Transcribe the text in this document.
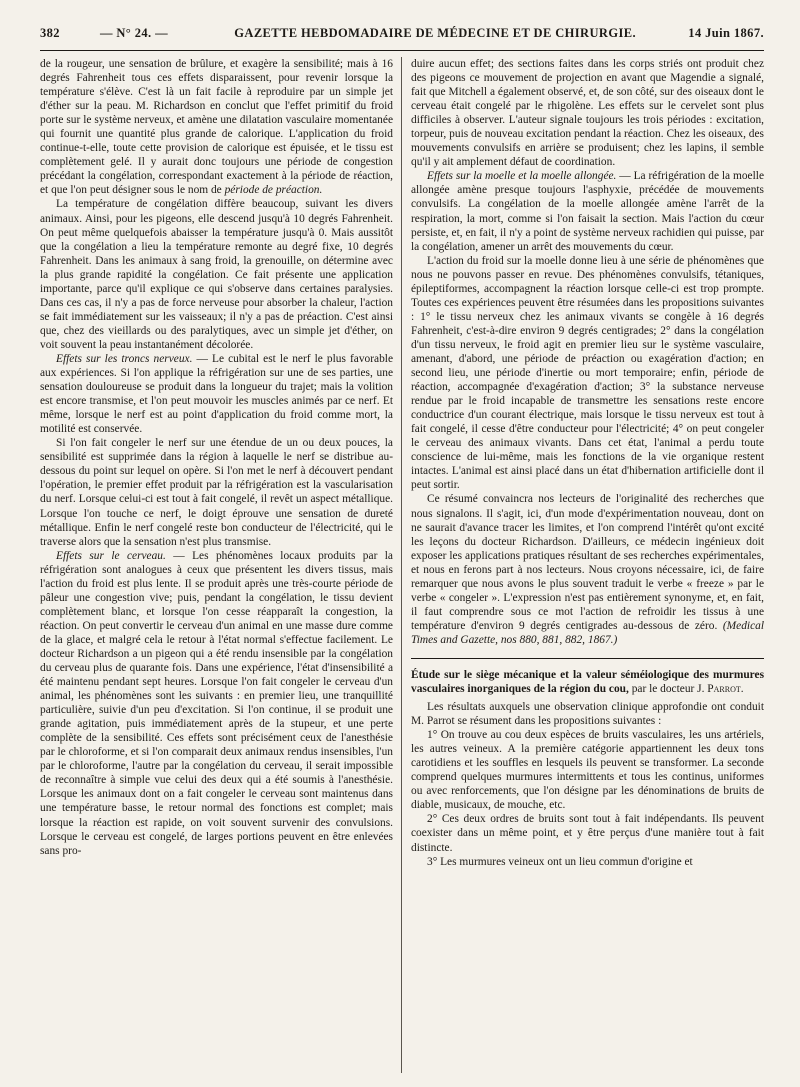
382	— N° 24. —	GAZETTE HEBDOMADAIRE DE MÉDECINE ET DE CHIRURGIE.	14 Juin 1867.

de la rougeur, une sensation de brûlure, et exagère la sensibilité; mais à 16 degrés Fahrenheit tous ces effets disparaissent, pour revenir lorsque la température s'élève. C'est là un fait facile à reproduire par un simple jet d'éther sur la peau. M. Richardson en conclut que l'effet primitif du froid porte sur le système nerveux, et amène une dilatation vasculaire momentanée qui fournit une quantité plus grande de calorique. L'application du froid continue-t-elle, toute cette provision de calorique est épuisée, et le tissu est complètement gelé. Il y aurait donc toujours une période de congestion précédant la congélation, correspondant exactement à la période de réaction, et que l'on peut désigner sous le nom de période de préaction.

La température de congélation diffère beaucoup, suivant les divers animaux. Ainsi, pour les pigeons, elle descend jusqu'à 10 degrés Fahrenheit. On peut même quelquefois abaisser la température jusqu'à 0. Mais aussitôt que la congélation a lieu la température remonte au degré fixe, 10 degrés Fahrenheit. Dans les animaux à sang froid, la grenouille, on détermine avec la plus grande rapidité la congélation. Ce fait présente une application importante, parce qu'il explique ce qui s'observe dans certaines paralysies. Dans ces cas, il n'y a pas de force nerveuse pour absorber la chaleur, l'action se fait immédiatement sur les vaisseaux; il n'y a pas de préaction. C'est ainsi que, chez des vieillards ou des paralytiques, avec un simple jet d'éther, on voit souvent la peau instantanément décolorée.

Effets sur les troncs nerveux. — Le cubital est le nerf le plus favorable aux expériences. Si l'on applique la réfrigération sur une de ses parties, une sensation douloureuse se produit dans la longueur du trajet; mais la volition est encore transmise, et l'on peut mouvoir les muscles animés par ce nerf. Et même, lorsque le nerf est au point d'application du froid comme mort, la motilité est conservée.

Si l'on fait congeler le nerf sur une étendue de un ou deux pouces, la sensibilité est supprimée dans la région à laquelle le nerf se distribue au-dessous du point sur lequel on opère. Si l'on met le nerf à découvert pendant l'opération, le premier effet produit par la réfrigération est la vascularisation du nerf. Lorsque celui-ci est tout à fait congelé, il revêt un aspect métallique. Lorsque l'on touche ce nerf, le doigt éprouve une sensation de dureté métallique. Enfin le nerf congelé reste bon conducteur de l'électricité, qui le traverse alors que la sensation n'est plus transmise.

Effets sur le cerveau. — Les phénomènes locaux produits par la réfrigération sont analogues à ceux que présentent les divers tissus, mais l'action du froid est plus lente. Il se produit après une très-courte période de pâleur une congestion vive; puis, pendant la congélation, le tissu devient complètement blanc, et lorsque l'on cesse réapparaît la congestion, la réaction. On peut convertir le cerveau d'un animal en une masse dure comme de la glace, et malgré cela le retour à l'état normal s'effectue facilement. Le docteur Richardson a un pigeon qui a été rendu insensible par la congélation du cerveau plus de quarante fois. Dans une expérience, l'état d'insensibilité a été maintenu pendant sept heures. Lorsque l'on fait congeler le cerveau d'un animal, les phénomènes sont les suivants : en premier lieu, une tranquillité particulière, suivie d'un peu d'excitation. Si l'on continue, il se produit une grande agitation, puis immédiatement après de la stupeur, et une perte complète de la sensibilité. Ces effets sont précisément ceux de l'anesthésie par le chloroforme, et si l'on comparait deux animaux rendus insensibles, l'un par le chloroforme, l'autre par la congélation du cerveau, il serait impossible de reconnaître à simple vue celui des deux qui a été soumis à l'anesthésie. Lorsque les animaux dont on a fait congeler le cerveau sont maintenus dans une température basse, le retour normal des fonctions est complet; mais lorsque la réaction est rapide, on voit souvent survenir des convulsions. Lorsque le cerveau est congelé, de larges portions peuvent en être enlevées sans pro-

duire aucun effet; des sections faites dans les corps striés ont produit chez des pigeons ce mouvement de projection en avant que Magendie a signalé, fait que Mitchell a également observé, et, de son côté, sur des oiseaux dont le cerveau était congelé par le rhigolène. Les effets sur le cervelet sont plus difficiles à observer. L'auteur signale toujours les trois périodes : excitation, torpeur, puis de nouveau excitation pendant la réaction. Chez les oiseaux, des mouvements convulsifs en arrière se produisent; chez les lapins, il semble qu'il y ait amplement défaut de coordination.

Effets sur la moelle et la moelle allongée. — La réfrigération de la moelle allongée amène presque toujours l'asphyxie, précédée de mouvements convulsifs. La congélation de la moelle allongée amène l'arrêt de la respiration, la mort, comme si l'on faisait la section. Mais l'action du cœur persiste, et, en fait, il n'y a point de système nerveux rachidien qui puisse, par la congélation, amener un arrêt des mouvements du cœur.

L'action du froid sur la moelle donne lieu à une série de phénomènes que nous ne pouvons passer en revue. Des phénomènes convulsifs, tétaniques, épileptiformes, accompagnent la réaction lorsque celle-ci est trop prompte. Toutes ces expériences peuvent être résumées dans les propositions suivantes : 1° le tissu nerveux chez les animaux vivants se congèle à 16 degrés Fahrenheit, c'est-à-dire environ 9 degrés centigrades; 2° dans la congélation d'un tissu nerveux, le froid agit en premier lieu sur le système vasculaire, amenant, d'abord, une période de préaction ou exagération d'action; en second lieu, une période d'inertie ou mort temporaire; enfin, période de réaction, accompagnée d'exagération d'action; 3° la substance nerveuse rendue par le froid incapable de transmettre les sensations reste encore conductrice d'un courant électrique, mais lorsque le tissu nerveux est tout à fait congelé, il cesse d'être conducteur pour l'électricité; 4° on peut congeler le cerveau des animaux vivants. Dans cet état, l'animal a perdu toute conscience de lui-même, mais les fonctions de la vie organique restent intactes. L'animal est ainsi placé dans un état d'hibernation artificielle dont il peut sortir.

Ce résumé convaincra nos lecteurs de l'originalité des recherches que nous signalons. Il s'agit, ici, d'un mode d'expérimentation nouveau, dont on ne saurait d'avance tracer les limites, et l'on comprend l'intérêt qu'ont excité les leçons du docteur Richardson. D'ailleurs, ce médecin ingénieux doit exposer les applications pratiques résultant de ses recherches expérimentales, et nous en ferons part à nos lecteurs. Nous croyons nécessaire, ici, de faire remarquer que nous avons le plus souvent traduit le verbe « freeze » par le verbe « congeler ». L'expression n'est pas entièrement synonyme, et, en fait, il faut comprendre sous ce mot l'action de refroidir les tissus à une température d'environ 9 degrés centigrades au-dessous de zéro. (Medical Times and Gazette, nos 880, 881, 882, 1867.)

Étude sur le siège mécanique et la valeur séméiologique des murmures vasculaires inorganiques de la région du cou, par le docteur J. Parrot.

Les résultats auxquels une observation clinique approfondie ont conduit M. Parrot se résument dans les propositions suivantes :

1° On trouve au cou deux espèces de bruits vasculaires, les uns artériels, les autres veineux. A la première catégorie appartiennent les deux tons carotidiens et les souffles en lesquels ils peuvent se transformer. La seconde comprend quelques murmures intermittents et tous les continus, uniformes ou avec renforcements, que l'on désigne par les dénominations de bruits de diable, musicaux, de mouche, etc.

2° Ces deux ordres de bruits sont tout à fait indépendants. Ils peuvent coexister dans un même point, et y être perçus d'une manière tout à fait distincte.

3° Les murmures veineux ont un lieu commun d'origine et
